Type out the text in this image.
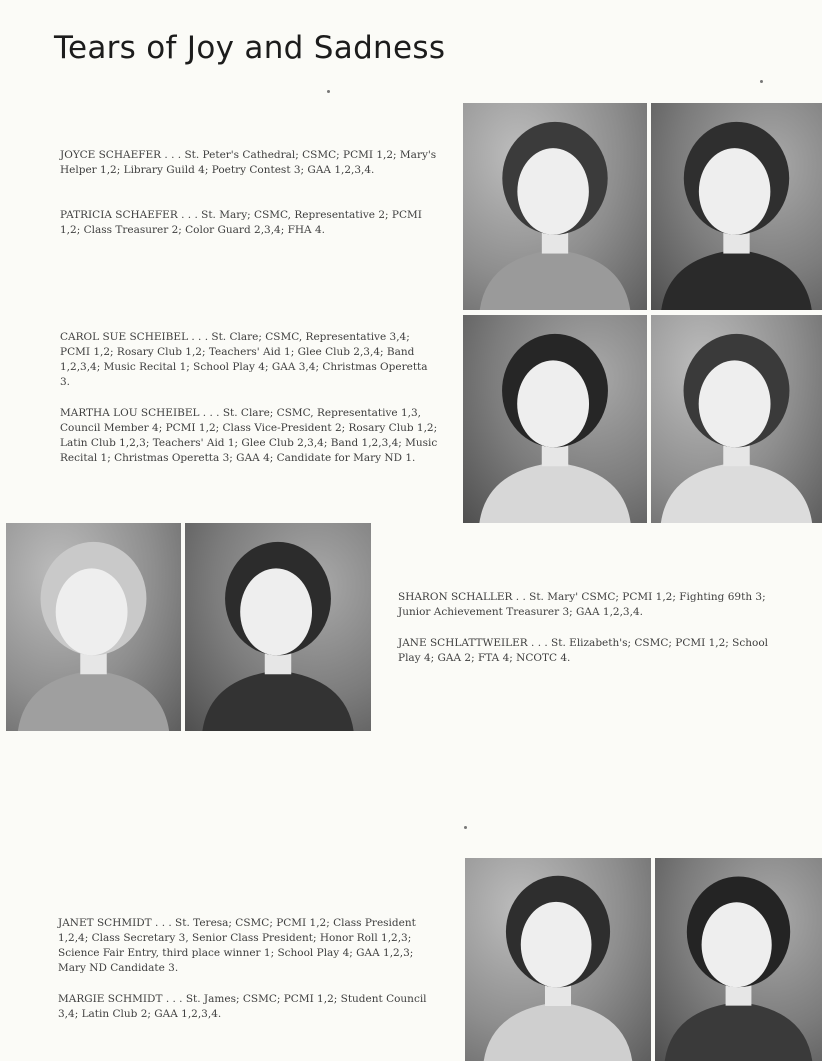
Tears of Joy and Sadness

JOYCE SCHAEFER . . . St. Peter's Cathedral; CSMC; PCMI 1,2; Mary's Helper 1,2; Library Guild 4; Poetry Contest 3; GAA 1,2,3,4.

PATRICIA SCHAEFER . . . St. Mary; CSMC, Representative 2; PCMI 1,2; Class Treasurer 2; Color Guard 2,3,4; FHA 4.

CAROL SUE SCHEIBEL . . . St. Clare; CSMC, Representative 3,4; PCMI 1,2; Rosary Club 1,2; Teachers' Aid 1; Glee Club 2,3,4; Band 1,2,3,4; Music Recital 1; School Play 4; GAA 3,4; Christmas Operetta 3.

MARTHA LOU SCHEIBEL . . . St. Clare; CSMC, Representative 1,3, Council Member 4; PCMI 1,2; Class Vice-President 2; Rosary Club 1,2; Latin Club 1,2,3; Teachers' Aid 1; Glee Club 2,3,4; Band 1,2,3,4; Music Recital 1; Christmas Operetta 3; GAA 4; Candidate for Mary ND 1.

SHARON SCHALLER . . St. Mary' CSMC; PCMI 1,2; Fighting 69th 3; Junior Achievement Treasurer 3; GAA 1,2,3,4.

JANE SCHLATTWEILER . . . St. Elizabeth's; CSMC; PCMI 1,2; School Play 4; GAA 2; FTA 4; NCOTC 4.

JANET SCHMIDT . . . St. Teresa; CSMC; PCMI 1,2; Class President 1,2,4; Class Secretary 3, Senior Class President; Honor Roll 1,2,3; Science Fair Entry, third place winner 1; School Play 4; GAA 1,2,3; Mary ND Candidate 3.

MARGIE SCHMIDT . . . St. James; CSMC; PCMI 1,2; Student Council 3,4; Latin Club 2; GAA 1,2,3,4.
